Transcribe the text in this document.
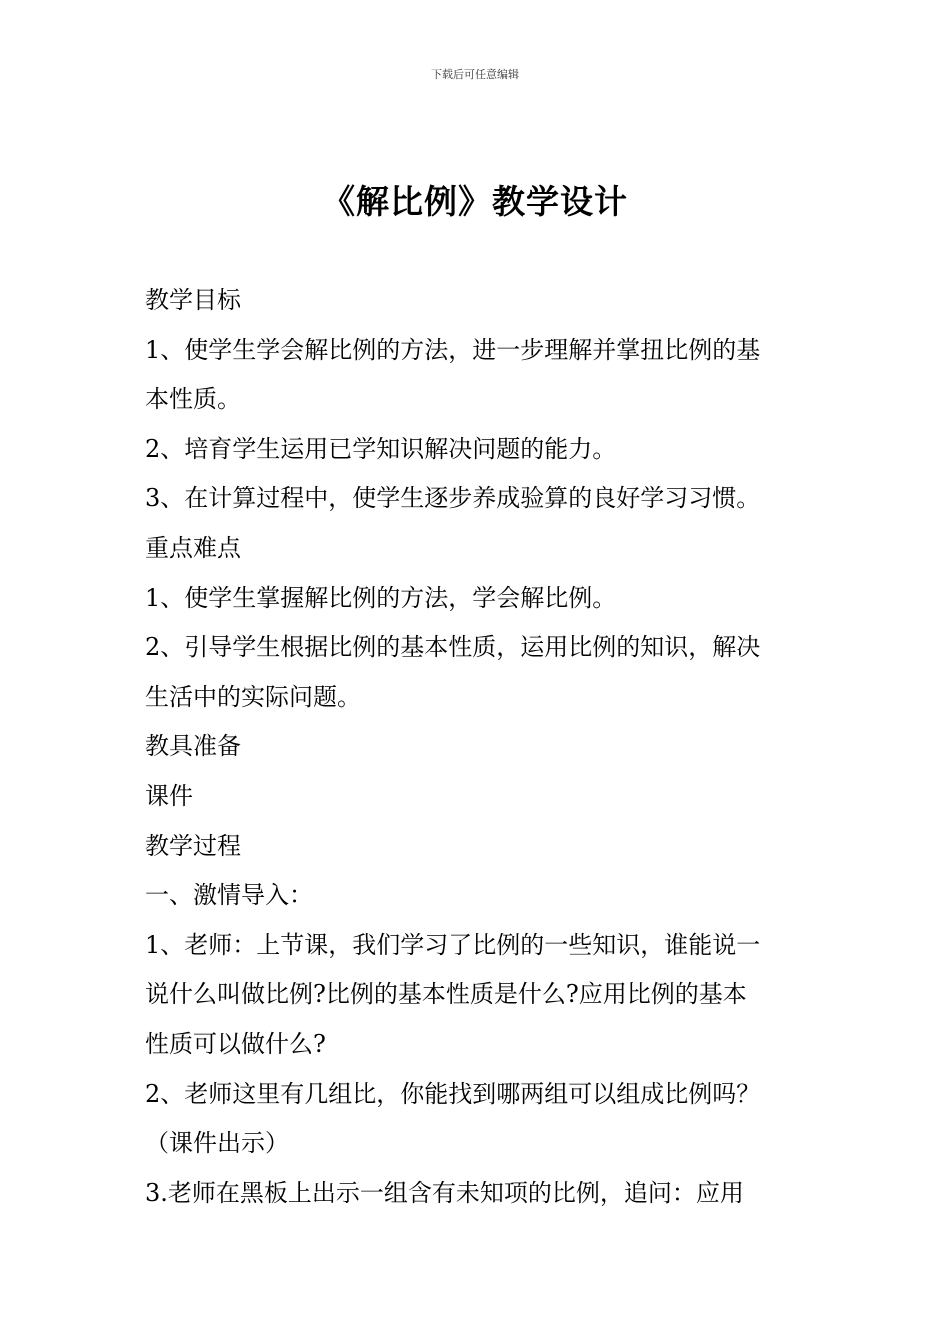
下载后可任意编辑
《解比例》教学设计
教学目标
1、使学生学会解比例的方法，进一步理解并掌扭比例的基
本性质。
2、培育学生运用已学知识解决问题的能力。
3、在计算过程中，使学生逐步养成验算的良好学习习惯。
重点难点
1、使学生掌握解比例的方法，学会解比例。
2、引导学生根据比例的基本性质，运用比例的知识，解决
生活中的实际问题。
教具准备
课件
教学过程
一、激情导入：
1、老师：上节课，我们学习了比例的一些知识，谁能说一
说什么叫做比例?比例的基本性质是什么?应用比例的基本
性质可以做什么?
2、老师这里有几组比，你能找到哪两组可以组成比例吗？
（课件出示）
3.老师在黑板上出示一组含有未知项的比例，追问：应用
